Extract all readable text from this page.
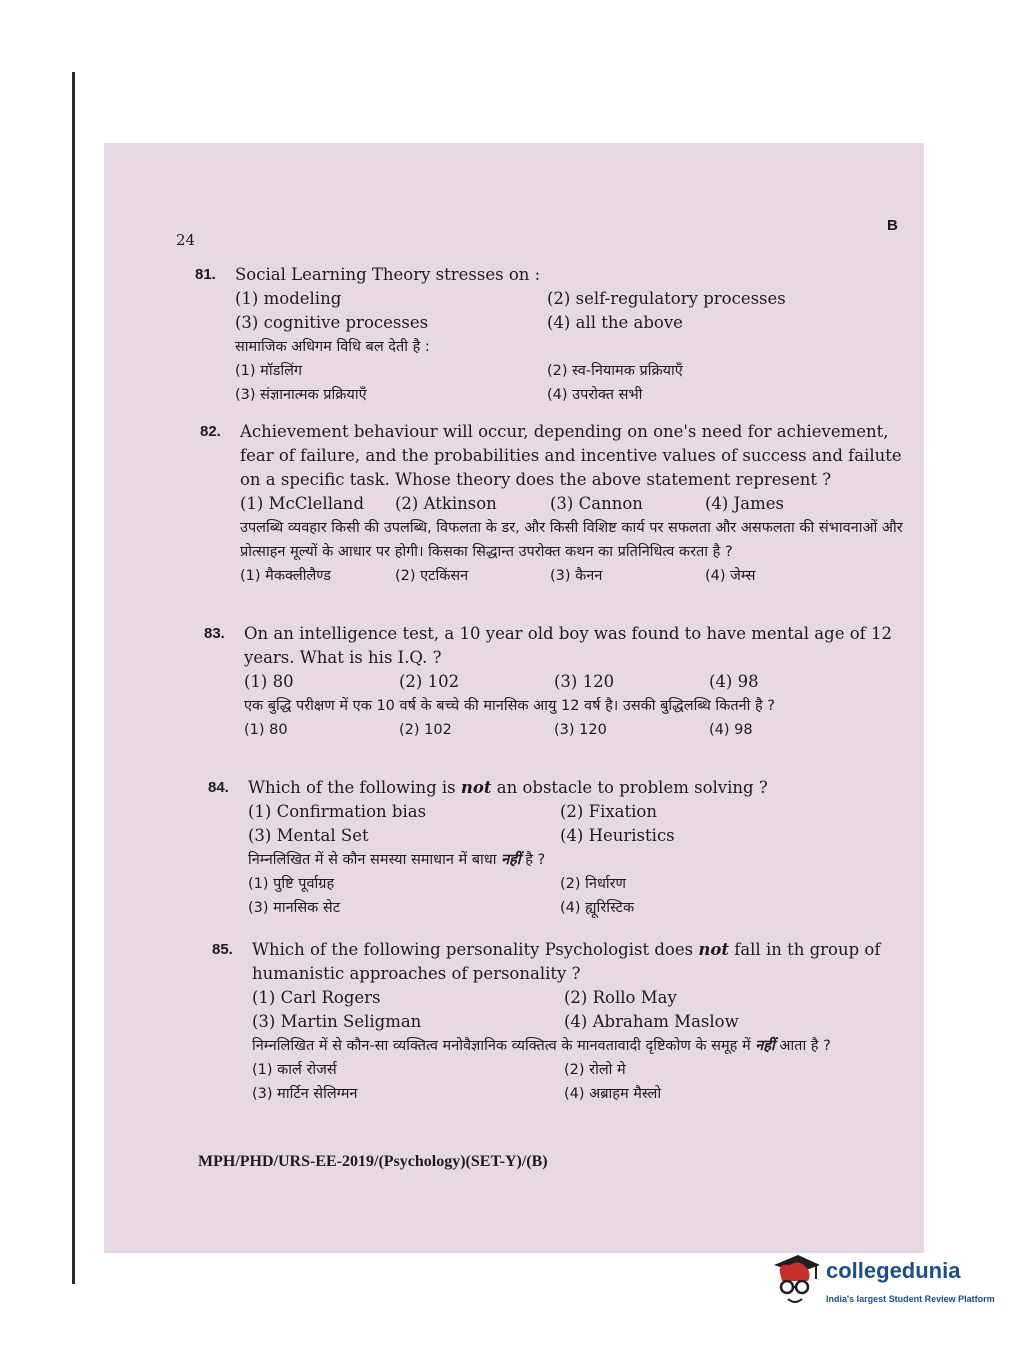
24
B
81. Social Learning Theory stresses on :

(1) modeling	(2) self-regulatory processes
(3) cognitive processes	(4) all the above

सामाजिक अधिगम विधि बल देती है :

(1) मॉडलिंग	(2) स्व-नियामक प्रक्रियाएँ
(3) संज्ञानात्मक प्रक्रियाएँ	(4) उपरोक्त सभी
82. Achievement behaviour will occur, depending on one's need for achievement, fear of failure, and the probabilities and incentive values of success and failute on a specific task. Whose theory does the above statement represent ?

(1) McClelland	(2) Atkinson	(3) Cannon	(4) James

उपलब्धि व्यवहार किसी की उपलब्धि, विफलता के डर, और किसी विशिष्ट कार्य पर सफलता और असफलता की संभावनाओं और प्रोत्साहन मूल्यों के आधार पर होगी। किसका सिद्धान्त उपरोक्त कथन का प्रतिनिधित्व करता है ?

(1) मैकक्लीलैण्ड	(2) एटकिंसन	(3) कैनन	(4) जेम्स
83. On an intelligence test, a 10 year old boy was found to have mental age of 12 years. What is his I.Q. ?

(1) 80	(2) 102	(3) 120	(4) 98

एक बुद्धि परीक्षण में एक 10 वर्ष के बच्चे की मानसिक आयु 12 वर्ष है। उसकी बुद्धिलब्धि कितनी है ?

(1) 80	(2) 102	(3) 120	(4) 98
84. Which of the following is not an obstacle to problem solving ?

(1) Confirmation bias	(2) Fixation
(3) Mental Set	(4) Heuristics

निम्नलिखित में से कौन समस्या समाधान में बाधा नहीं है ?

(1) पुष्टि पूर्वाग्रह	(2) निर्धारण
(3) मानसिक सेट	(4) ह्यूरिस्टिक
85. Which of the following personality Psychologist does not fall in th group of humanistic approaches of personality ?

(1) Carl Rogers	(2) Rollo May
(3) Martin Seligman	(4) Abraham Maslow

निम्नलिखित में से कौन-सा व्यक्तित्व मनोवैज्ञानिक व्यक्तित्व के मानवतावादी दृष्टिकोण के समूह में नहीं आता है ?

(1) कार्ल रोजर्स	(2) रोलो मे
(3) मार्टिन सेलिग्मन	(4) अब्राहम मैस्लो
MPH/PHD/URS-EE-2019/(Psychology)(SET-Y)/(B)
collegedunia
India's largest Student Review Platform
